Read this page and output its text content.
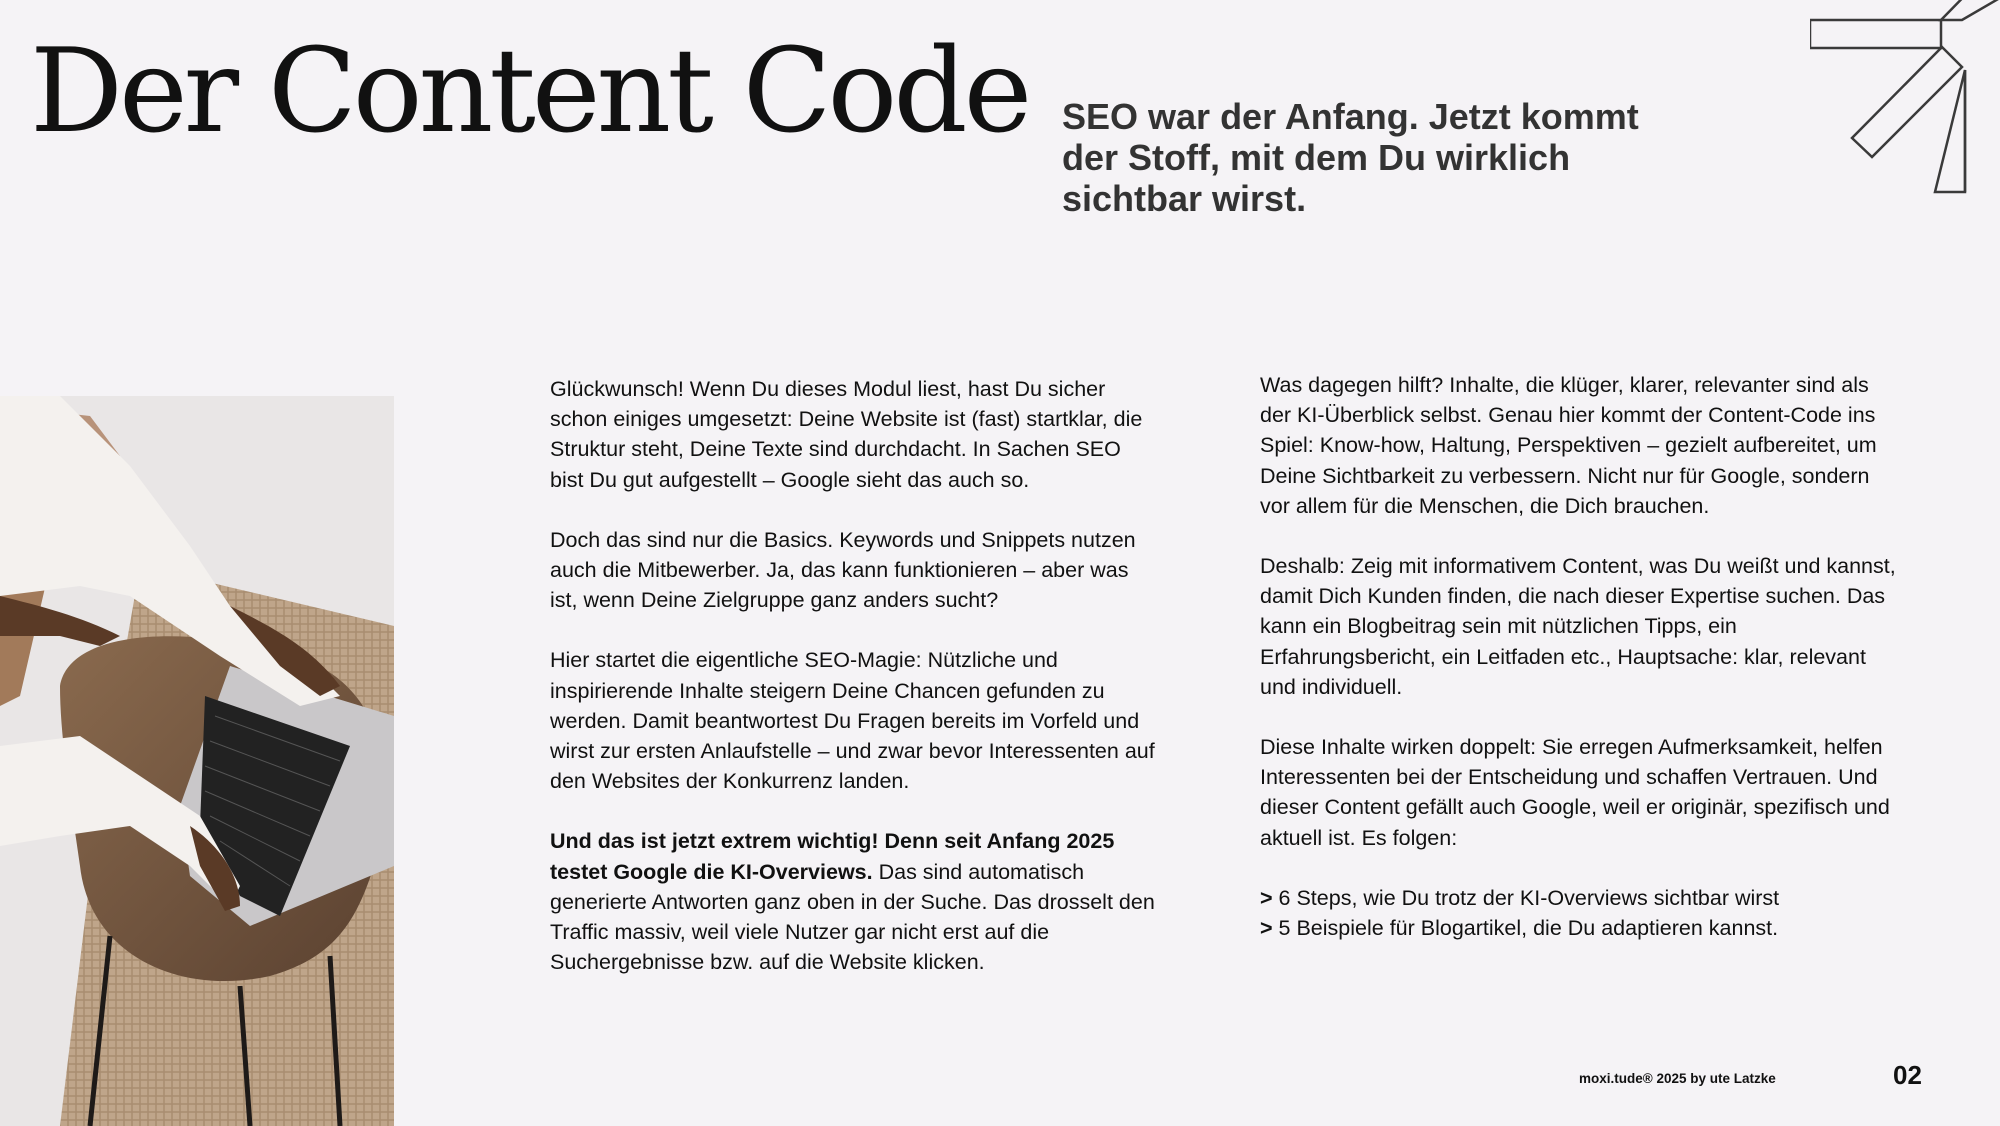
Der Content Code SEO war der Anfang. Jetzt kommt der Stoff, mit dem Du wirklich sichtbar wirst.

Glückwunsch! Wenn Du dieses Modul liest, hast Du sicher schon einiges umgesetzt: Deine Website ist (fast) startklar, die Struktur steht, Deine Texte sind durchdacht. In Sachen SEO bist Du gut aufgestellt – Google sieht das auch so.

Doch das sind nur die Basics. Keywords und Snippets nutzen auch die Mitbewerber. Ja, das kann funktionieren – aber was ist, wenn Deine Zielgruppe ganz anders sucht?

Hier startet die eigentliche SEO-Magie: Nützliche und inspirierende Inhalte steigern Deine Chancen gefunden zu werden. Damit beantwortest Du Fragen bereits im Vorfeld und wirst zur ersten Anlaufstelle – und zwar bevor Interessenten auf den Websites der Konkurrenz landen.

Und das ist jetzt extrem wichtig! Denn seit Anfang 2025 testet Google die KI-Overviews. Das sind automatisch generierte Antworten ganz oben in der Suche. Das drosselt den Traffic massiv, weil viele Nutzer gar nicht erst auf die Suchergebnisse bzw. auf die Website klicken.

Was dagegen hilft? Inhalte, die klüger, klarer, relevanter sind als der KI-Überblick selbst. Genau hier kommt der Content-Code ins Spiel: Know-how, Haltung, Perspektiven – gezielt aufbereitet, um Deine Sichtbarkeit zu verbessern. Nicht nur für Google, sondern vor allem für die Menschen, die Dich brauchen.

Deshalb: Zeig mit informativem Content, was Du weißt und kannst, damit Dich Kunden finden, die nach dieser Expertise suchen. Das kann ein Blogbeitrag sein mit nützlichen Tipps, ein Erfahrungsbericht, ein Leitfaden etc., Hauptsache: klar, relevant und individuell.

Diese Inhalte wirken doppelt: Sie erregen Aufmerksamkeit, helfen Interessenten bei der Entscheidung und schaffen Vertrauen. Und dieser Content gefällt auch Google, weil er originär, spezifisch und aktuell ist. Es folgen:

> 6 Steps, wie Du trotz der KI-Overviews sichtbar wirst
> 5 Beispiele für Blogartikel, die Du adaptieren kannst.

moxi.tude® 2025 by ute Latzke	02
